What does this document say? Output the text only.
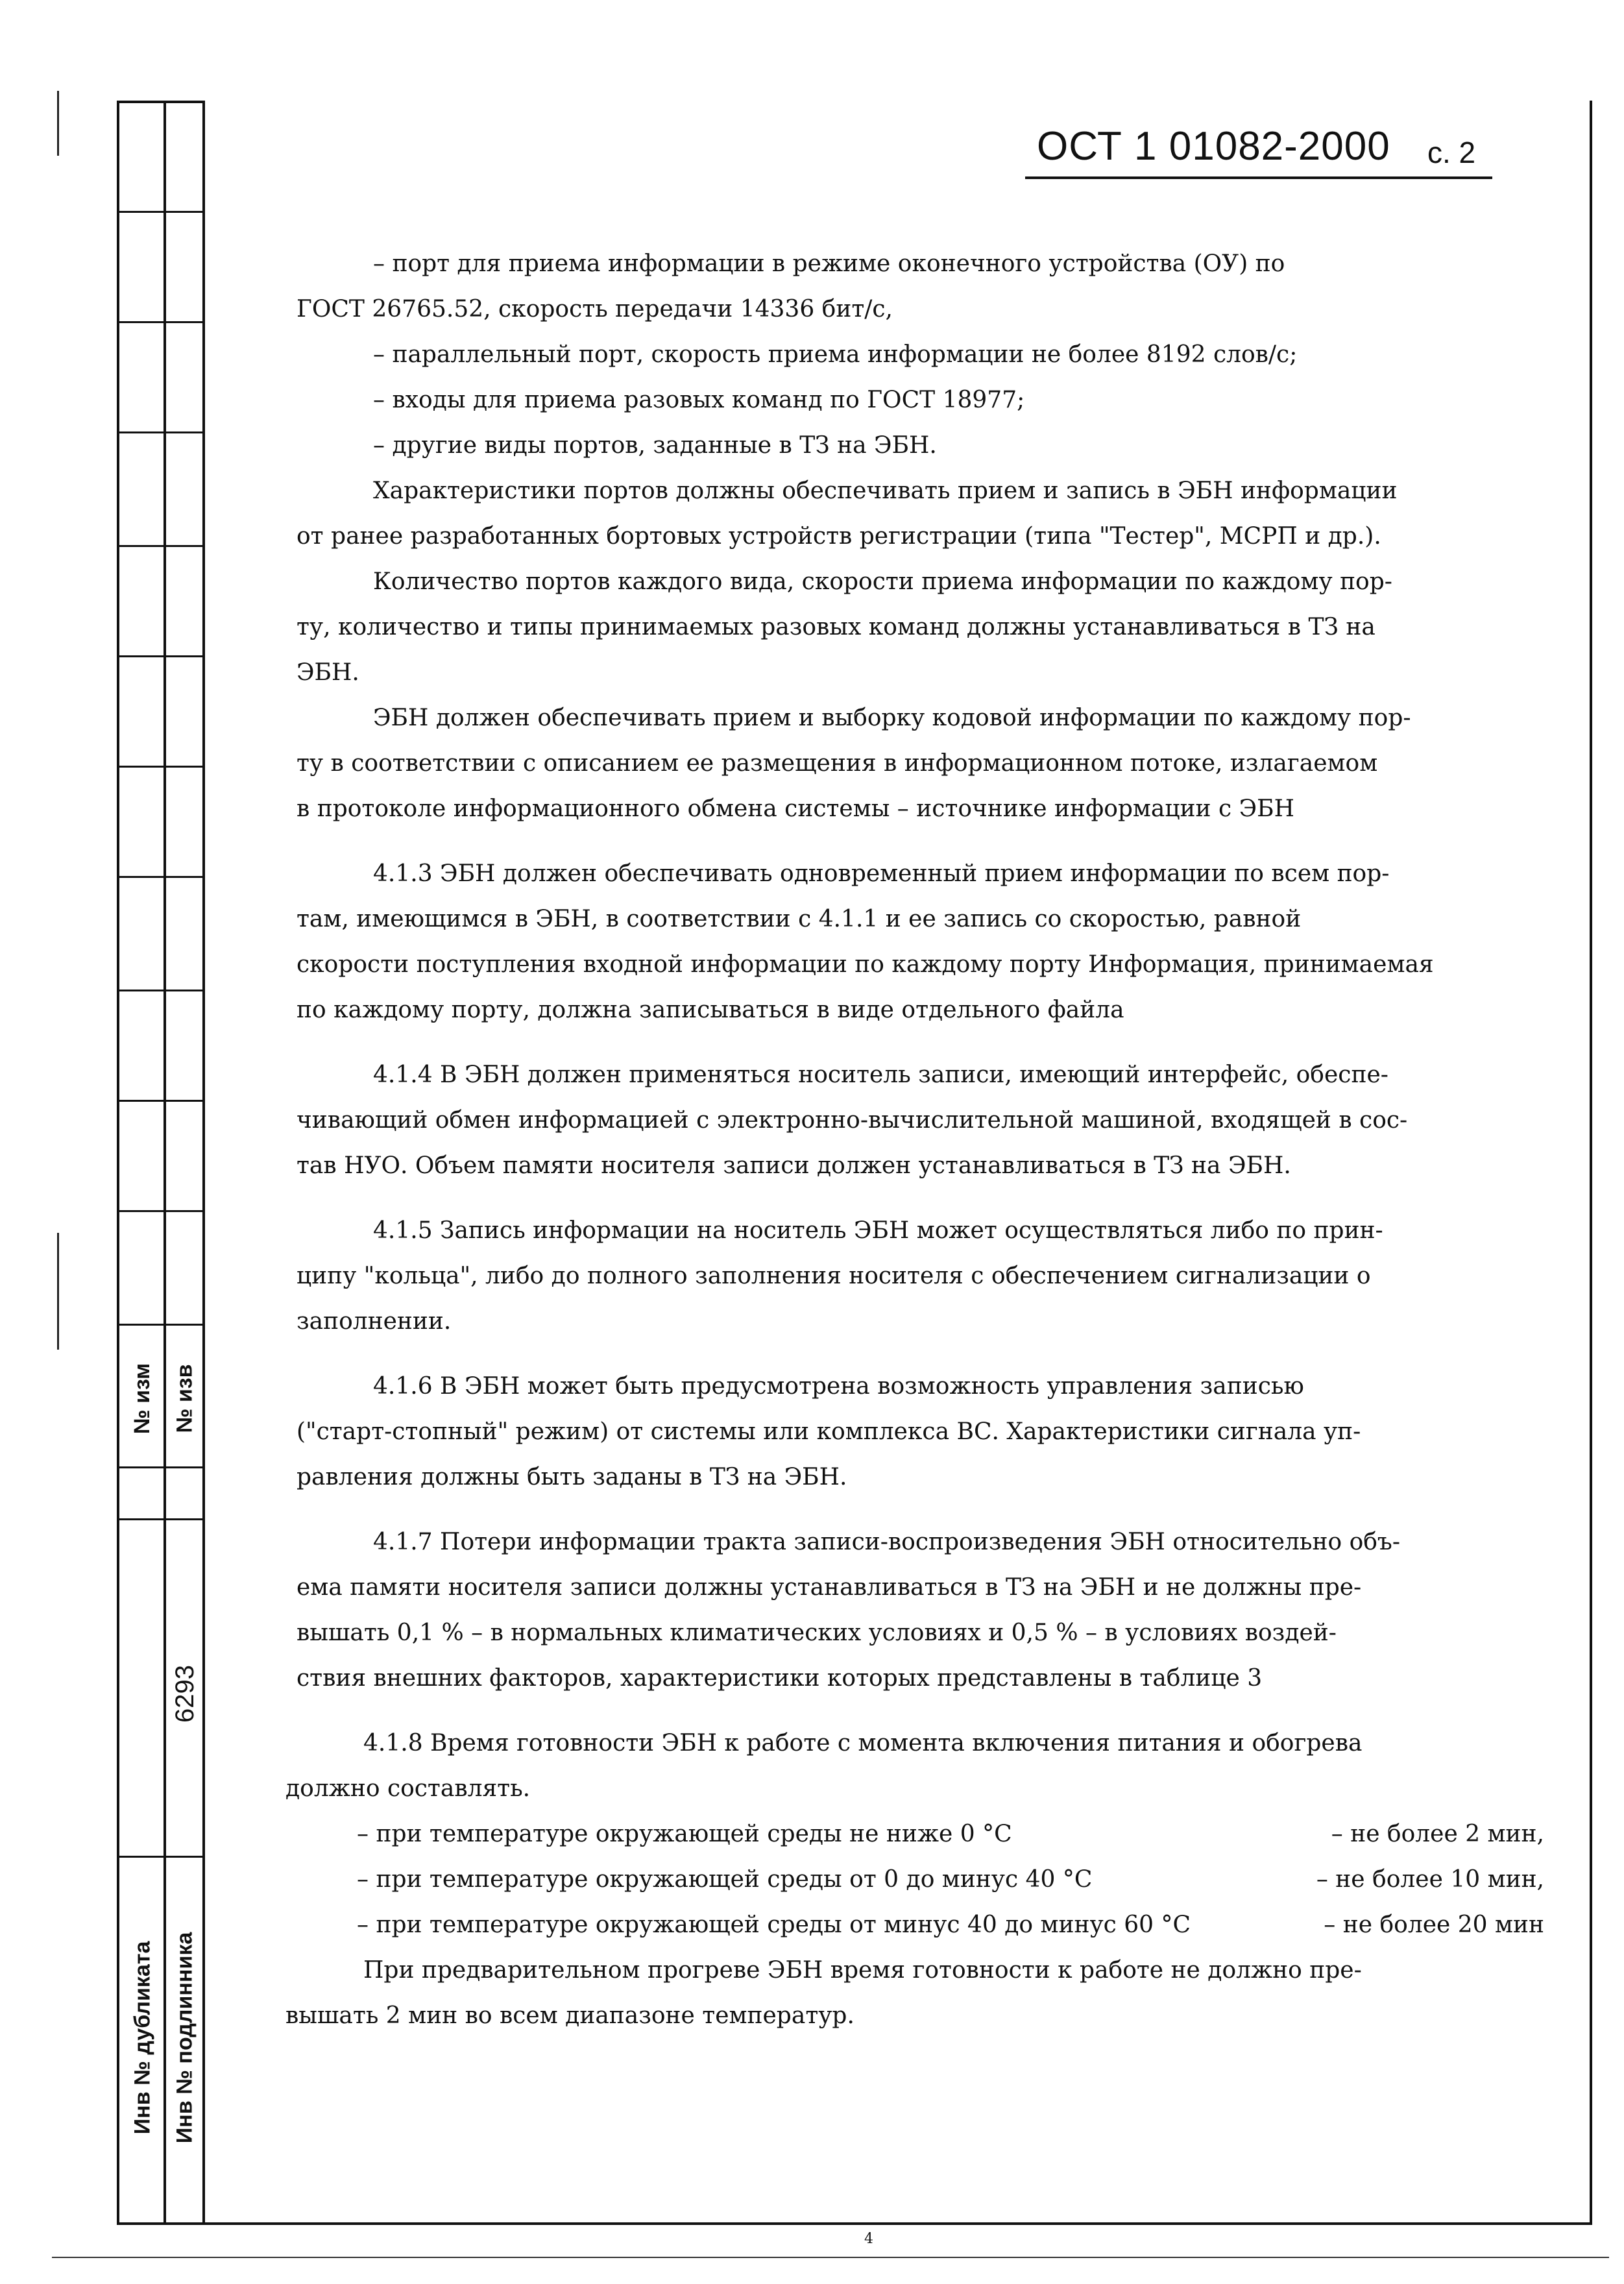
№ изм № изв
6293
Инв № дубликата Инв № подлинника
ОСТ 1 01082-2000 с. 2

– порт для приема информации в режиме оконечного устройства (ОУ) по

ГОСТ 26765.52, скорость передачи 14336 бит/с,

– параллельный порт, скорость приема информации не более 8192 слов/с;

– входы для приема разовых команд по ГОСТ 18977;

– другие виды портов, заданные в ТЗ на ЭБН.

Характеристики портов должны обеспечивать прием и запись в ЭБН информации

от ранее разработанных бортовых устройств регистрации (типа "Тестер", МСРП и др.).

Количество портов каждого вида, скорости приема информации по каждому пор-

ту, количество и типы принимаемых разовых команд должны устанавливаться в ТЗ на

ЭБН.

ЭБН должен обеспечивать прием и выборку кодовой информации по каждому пор-

ту в соответствии с описанием ее размещения в информационном потоке, излагаемом

в протоколе информационного обмена системы – источнике информации с ЭБН

4.1.3 ЭБН должен обеспечивать одновременный прием информации по всем пор-

там, имеющимся в ЭБН, в соответствии с 4.1.1 и ее запись со скоростью, равной

скорости поступления входной информации по каждому порту Информация, принимаемая

по каждому порту, должна записываться в виде отдельного файла

4.1.4 В ЭБН должен применяться носитель записи, имеющий интерфейс, обеспе-

чивающий обмен информацией с электронно-вычислительной машиной, входящей в сос-

тав НУО. Объем памяти носителя записи должен устанавливаться в ТЗ на ЭБН.

4.1.5 Запись информации на носитель ЭБН может осуществляться либо по прин-

ципу "кольца", либо до полного заполнения носителя с обеспечением сигнализации о

заполнении.

4.1.6 В ЭБН может быть предусмотрена возможность управления записью

("старт-стопный" режим) от системы или комплекса ВС. Характеристики сигнала уп-

равления должны быть заданы в ТЗ на ЭБН.

4.1.7 Потери информации тракта записи-воспроизведения ЭБН относительно объ-

ема памяти носителя записи должны устанавливаться в ТЗ на ЭБН и не должны пре-

вышать 0,1 % – в нормальных климатических условиях и 0,5 % – в условиях воздей-

ствия внешних факторов, характеристики которых представлены в таблице 3

4.1.8 Время готовности ЭБН к работе с момента включения питания и обогрева

должно составлять.

– при температуре окружающей среды не ниже 0 °С	– не более 2 мин,

– при температуре окружающей среды от 0 до минус 40 °С	– не более 10 мин,

– при температуре окружающей среды от минус 40 до минус 60 °С	– не более 20 мин

При предварительном прогреве ЭБН время готовности к работе не должно пре-

вышать 2 мин во всем диапазоне температур.

4
